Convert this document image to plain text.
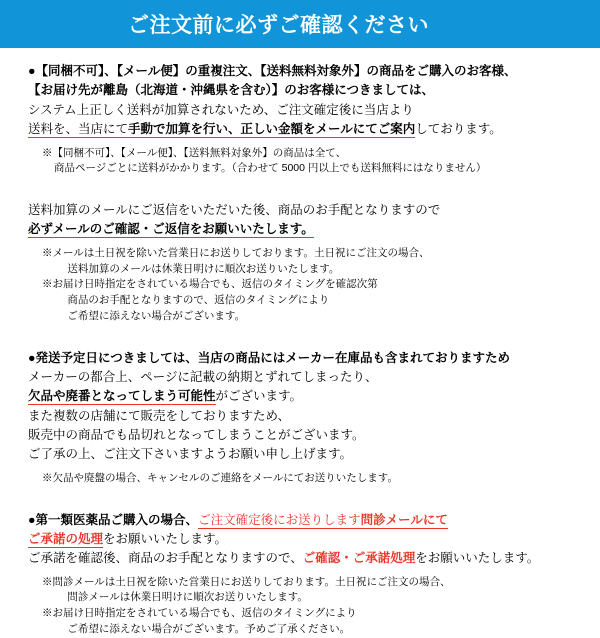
ご注文前に必ずご確認ください
●【同梱不可】、【メール便】の重複注文、【送料無料対象外】の商品をご購入のお客様、
【お届け先が離島（北海道・沖縄県を含む）】のお客様につきましては、
システム上正しく送料が加算されないため、ご注文確定後に当店より
送料を、当店にて手動で加算を行い、正しい金額をメールにてご案内しております。
※【同梱不可】、【メール便】、【送料無料対象外】の商品は全て、
商品ページごとに送料がかかります。（合わせて 5000 円以上でも送料無料にはなりません）
送料加算のメールにご返信をいただいた後、商品のお手配となりますので
必ずメールのご確認・ご返信をお願いいたします。
※メールは土日祝を除いた営業日にお送りしております。土日祝にご注文の場合、
　 送料加算のメールは休業日明けに順次お送りいたします。
※お届け日時指定をされている場合でも、返信のタイミングを確認次第
　 商品のお手配となりますので、返信のタイミングにより
　 ご希望に添えない場合がございます。
●発送予定日につきましては、当店の商品にはメーカー在庫品も含まれておりますため
メーカーの都合上、ページに記載の納期とずれてしまったり、
欠品や廃番となってしまう可能性がございます。
また複数の店舗にて販売をしておりますため、
販売中の商品でも品切れとなってしまうことがございます。
ご了承の上、ご注文下さいますようお願い申し上げます。
※欠品や廃盤の場合、キャンセルのご連絡をメールにてお送りいたします。
●第一類医薬品ご購入の場合、ご注文確定後にお送りします問診メールにて
ご承諾の処理をお願いいたします。
ご承諾を確認後、商品のお手配となりますので、ご確認・ご承諾処理をお願いいたします。
※問診メールは土日祝を除いた営業日にお送りしております。土日祝にご注文の場合、
　 問診メールは休業日明けに順次お送りいたします。
※お届け日時指定をされている場合でも、返信のタイミングにより
　 ご希望に添えない場合がございます。予めご了承ください。
